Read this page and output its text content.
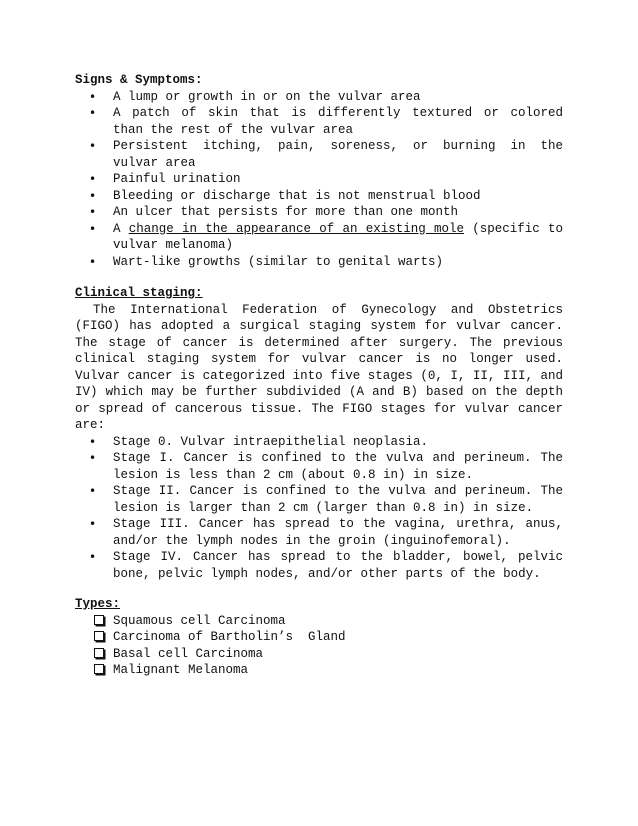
Signs & Symptoms:
• A lump or growth in or on the vulvar area
• A patch of skin that is differently textured or colored than the rest of the vulvar area
• Persistent itching, pain, soreness, or burning in the vulvar area
• Painful urination
• Bleeding or discharge that is not menstrual blood
• An ulcer that persists for more than one month
• A change in the appearance of an existing mole (specific to vulvar melanoma)
• Wart-like growths (similar to genital warts)
Clinical staging:

The International Federation of Gynecology and Obstetrics (FIGO) has adopted a surgical staging system for vulvar cancer. The stage of cancer is determined after surgery. The previous clinical staging system for vulvar cancer is no longer used. Vulvar cancer is categorized into five stages (0, I, II, III, and IV) which may be further subdivided (A and B) based on the depth or spread of cancerous tissue. The FIGO stages for vulvar cancer are:

• Stage 0. Vulvar intraepithelial neoplasia.
• Stage I. Cancer is confined to the vulva and perineum. The lesion is less than 2 cm (about 0.8 in) in size.
• Stage II. Cancer is confined to the vulva and perineum. The lesion is larger than 2 cm (larger than 0.8 in) in size.
• Stage III. Cancer has spread to the vagina, urethra, anus, and/or the lymph nodes in the groin (inguinofemoral).
• Stage IV. Cancer has spread to the bladder, bowel, pelvic bone, pelvic lymph nodes, and/or other parts of the body.
Types:
Squamous cell Carcinoma
Carcinoma of Bartholin’s  Gland
Basal cell Carcinoma
Malignant Melanoma
